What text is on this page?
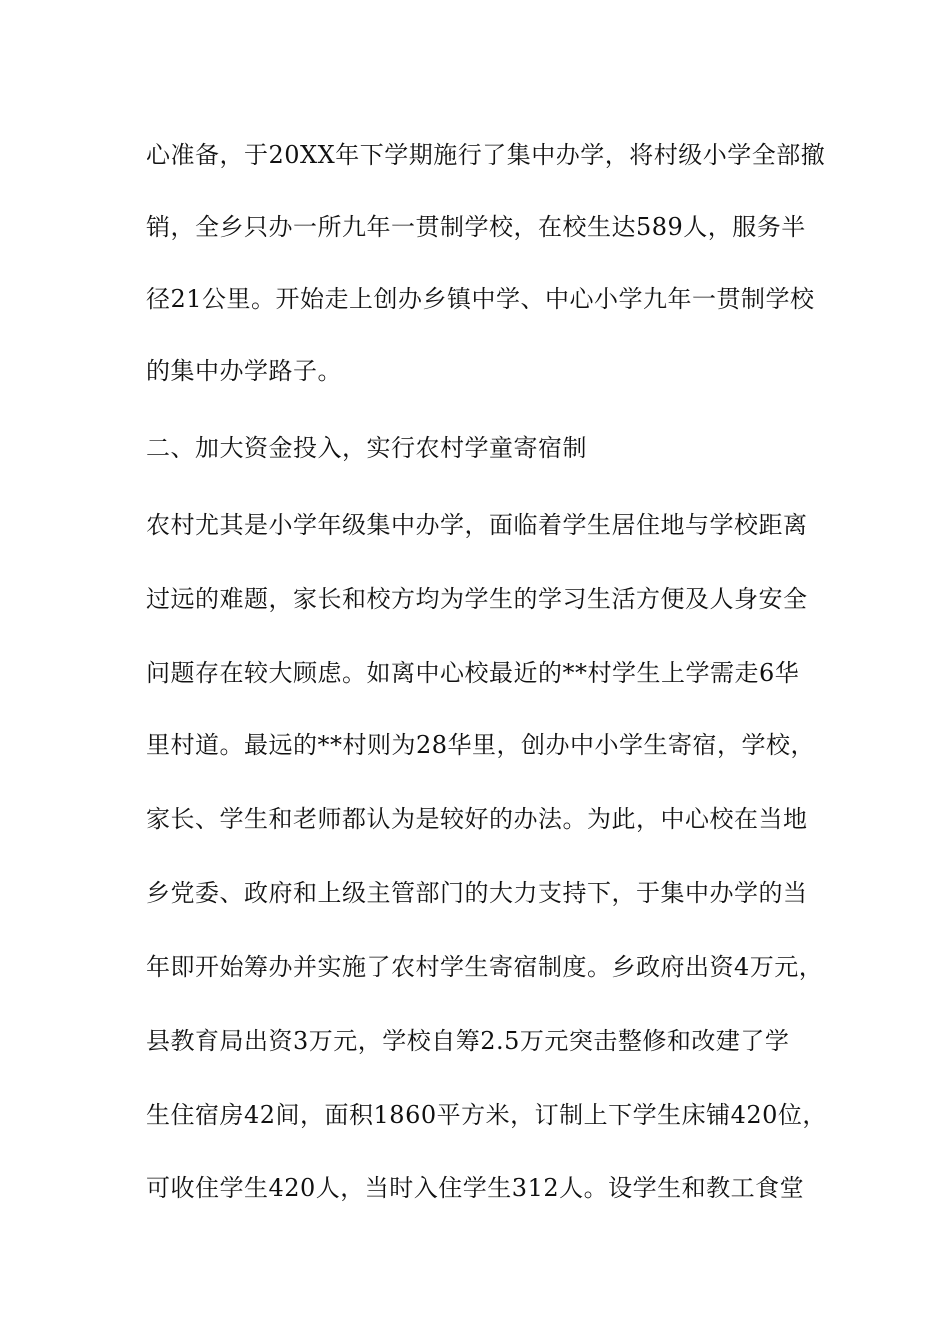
心准备，于20XX年下学期施行了集中办学，将村级小学全部撤
销，全乡只办一所九年一贯制学校，在校生达589人，服务半
径21公里。开始走上创办乡镇中学、中心小学九年一贯制学校
的集中办学路子。
二、加大资金投入，实行农村学童寄宿制
农村尤其是小学年级集中办学，面临着学生居住地与学校距离
过远的难题，家长和校方均为学生的学习生活方便及人身安全
问题存在较大顾虑。如离中心校最近的**村学生上学需走6华
里村道。最远的**村则为28华里，创办中小学生寄宿，学校，
家长、学生和老师都认为是较好的办法。为此，中心校在当地
乡党委、政府和上级主管部门的大力支持下，于集中办学的当
年即开始筹办并实施了农村学生寄宿制度。乡政府出资4万元，
县教育局出资3万元，学校自筹2.5万元突击整修和改建了学
生住宿房42间，面积1860平方米，订制上下学生床铺420位，
可收住学生420人，当时入住学生312人。设学生和教工食堂
